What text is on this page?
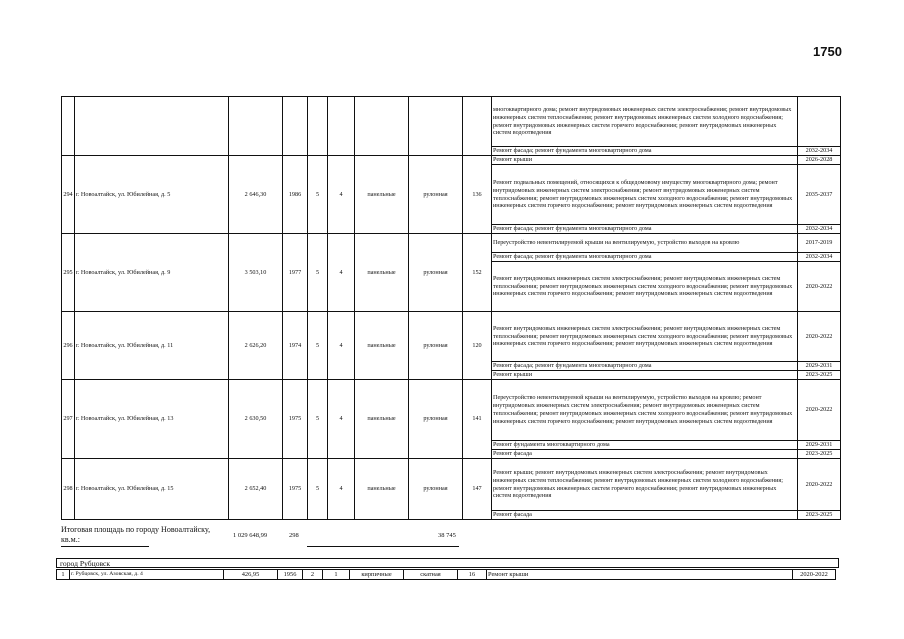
1750
									многоквартирного дома; ремонт внутридомовых инженерных систем электроснабжения; ремонт внутридомовых инженерных систем теплоснабжения; ремонт внутридомовых инженерных систем холодного водоснабжения; ремонт внутридомовых инженерных систем горячего водоснабжения; ремонт внутридомовых инженерных систем водоотведения	
									Ремонт фасада; ремонт фундамента многоквартирного дома	2032-2034
294	г. Новоалтайск, ул. Юбилейная, д. 5	2 646,30	1986	5	4	панельные	рулонная	136	Ремонт крыши	2026-2028
									Ремонт подвальных помещений, относящихся к общедомовому имуществу многоквартирного дома; ремонт внутридомовых инженерных систем электроснабжения; ремонт внутридомовых инженерных систем теплоснабжения; ремонт внутридомовых инженерных систем холодного водоснабжения; ремонт внутридомовых инженерных систем горячего водоснабжения; ремонт внутридомовых инженерных систем водоотведения	2035-2037
									Ремонт фасада; ремонт фундамента многоквартирного дома	2032-2034
295	г. Новоалтайск, ул. Юбилейная, д. 9	3 503,10	1977	5	4	панельные	рулонная	152	Переустройство невентилируемой крыши на вентилируемую, устройство выходов на кровлю	2017-2019
									Ремонт фасада; ремонт фундамента многоквартирного дома	2032-2034
									Ремонт внутридомовых инженерных систем электроснабжения; ремонт внутридомовых инженерных систем теплоснабжения; ремонт внутридомовых инженерных систем холодного водоснабжения; ремонт внутридомовых инженерных систем горячего водоснабжения; ремонт внутридомовых инженерных систем водоотведения	2020-2022
296	г. Новоалтайск, ул. Юбилейная, д. 11	2 626,20	1974	5	4	панельные	рулонная	120	Ремонт внутридомовых инженерных систем электроснабжения; ремонт внутридомовых инженерных систем теплоснабжения; ремонт внутридомовых инженерных систем холодного водоснабжения; ремонт внутридомовых инженерных систем горячего водоснабжения; ремонт внутридомовых инженерных систем водоотведения	2020-2022
									Ремонт фасада; ремонт фундамента многоквартирного дома	2029-2031
									Ремонт крыши	2023-2025
297	г. Новоалтайск, ул. Юбилейная, д. 13	2 630,50	1975	5	4	панельные	рулонная	141	Переустройство невентилируемой крыши на вентилируемую, устройство выходов на кровлю; ремонт внутридомовых инженерных систем электроснабжения; ремонт внутридомовых инженерных систем теплоснабжения; ремонт внутридомовых инженерных систем холодного водоснабжения; ремонт внутридомовых инженерных систем горячего водоснабжения; ремонт внутридомовых инженерных систем водоотведения	2020-2022
									Ремонт фундамента многоквартирного дома	2029-2031
									Ремонт фасада	2023-2025
298	г. Новоалтайск, ул. Юбилейная, д. 15	2 652,40	1975	5	4	панельные	рулонная	147	Ремонт крыши; ремонт внутридомовых инженерных систем электроснабжения; ремонт внутридомовых инженерных систем теплоснабжения; ремонт внутридомовых инженерных систем холодного водоснабжения; ремонт внутридомовых инженерных систем горячего водоснабжения; ремонт внутридомовых инженерных систем водоотведения	2020-2022
									Ремонт фасада	2023-2025
Итоговая площадь по городу Новоалтайску, кв.м.:	1 029 648,99	298	38 745
город Рубцовск
1	г. Рубцовск, ул. Азовская, д. 4	426,95	1956	2	1	кирпичные	скатная	16	Ремонт крыши	2020-2022
